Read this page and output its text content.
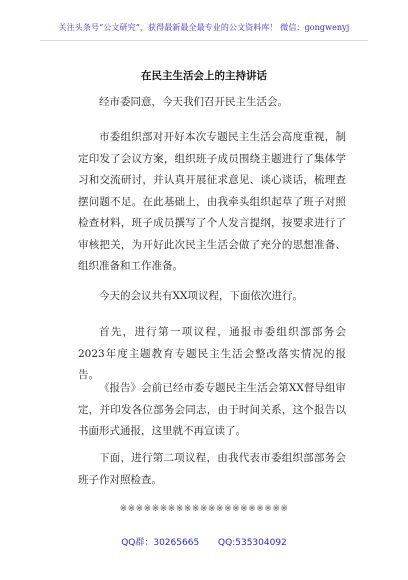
关注头条号“公文研究”，获得最新最全最专业的公文资料库！ 微信：gongwenyj
在民主生活会上的主持讲话

经市委同意，今天我们召开民主生活会。

市委组织部对开好本次专题民主生活会高度重视，制定印发了会议方案，组织班子成员围绕主题进行了集体学习和交流研讨，并认真开展征求意见、谈心谈话，梳理查摆问题不足。在此基础上，由我牵头组织起草了班子对照检查材料，班子成员撰写了个人发言提纲，按要求进行了审核把关，为开好此次民主生活会做了充分的思想准备、组织准备和工作准备。

今天的会议共有XX项议程，下面依次进行。

首先，进行第一项议程，通报市委组织部部务会2023年度主题教育专题民主生活会整改落实情况的报告。

《报告》会前已经市委专题民主生活会第XX督导组审定，并印发各位部务会同志，由于时间关系，这个报告以书面形式通报，这里就不再宣读了。

下面，进行第二项议程，由我代表市委组织部部务会班子作对照检查。

※※※※※※※※※※※※※※※※※※※※※
QQ群：30265665 QQ:535304092
